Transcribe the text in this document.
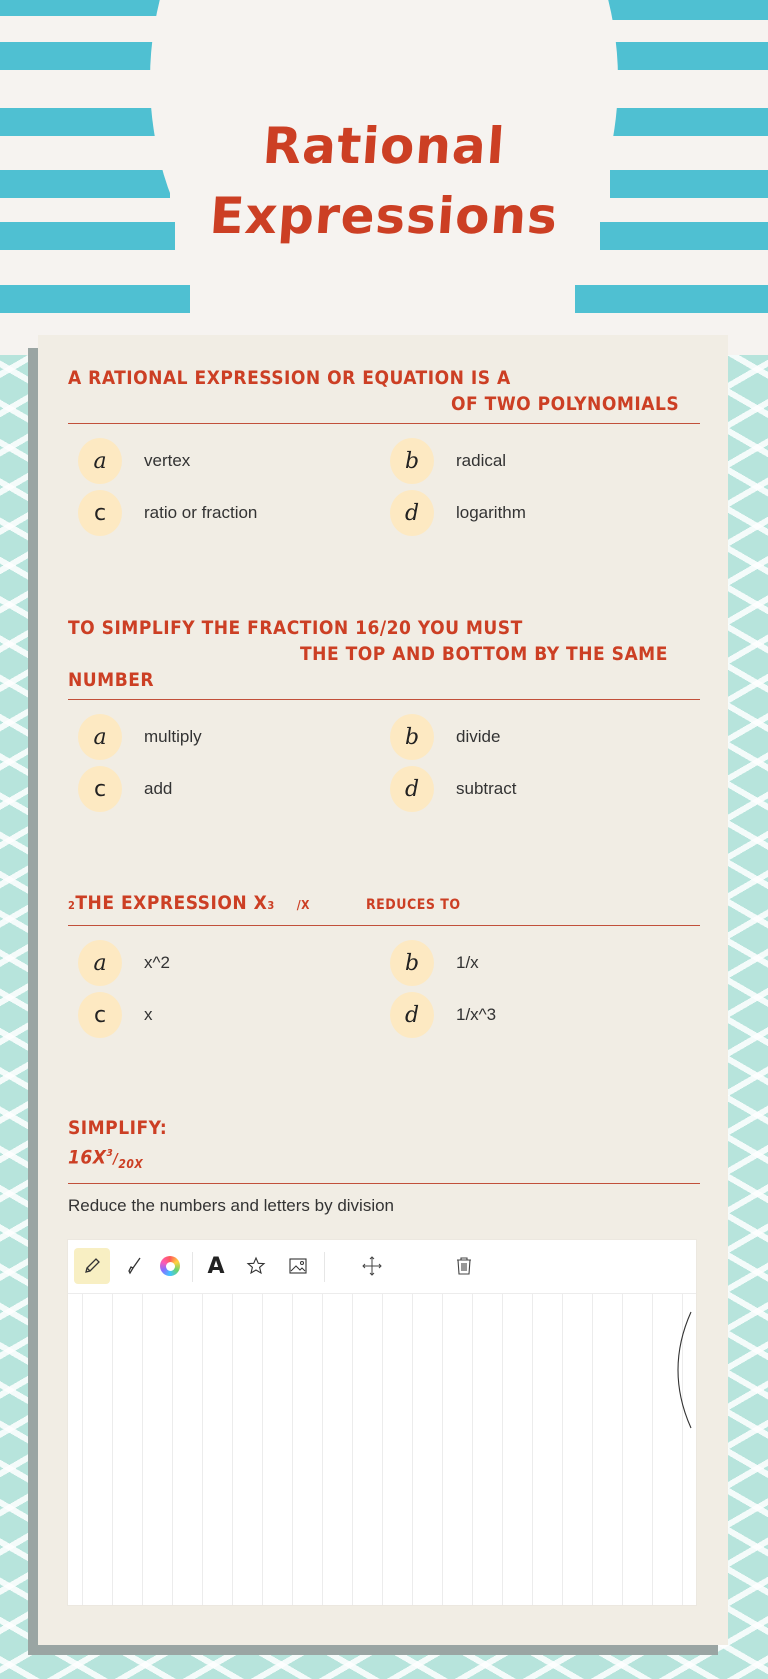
Rational
Expressions
A RATIONAL EXPRESSION OR EQUATION IS A
OF TWO POLYNOMIALS
a	vertex	b	radical
c	ratio or fraction	d	logarithm
TO SIMPLIFY THE FRACTION 16/20 YOU MUST
THE TOP AND BOTTOM BY THE SAME
NUMBER
a	multiply	b	divide
c	add	d	subtract
2 THE EXPRESSION X 3 /X	REDUCES TO
a	x^2	b	1/x
c	x	d	1/x^3
SIMPLIFY:
$16X^3/_{20X}$
Reduce the numbers and letters by division
A
